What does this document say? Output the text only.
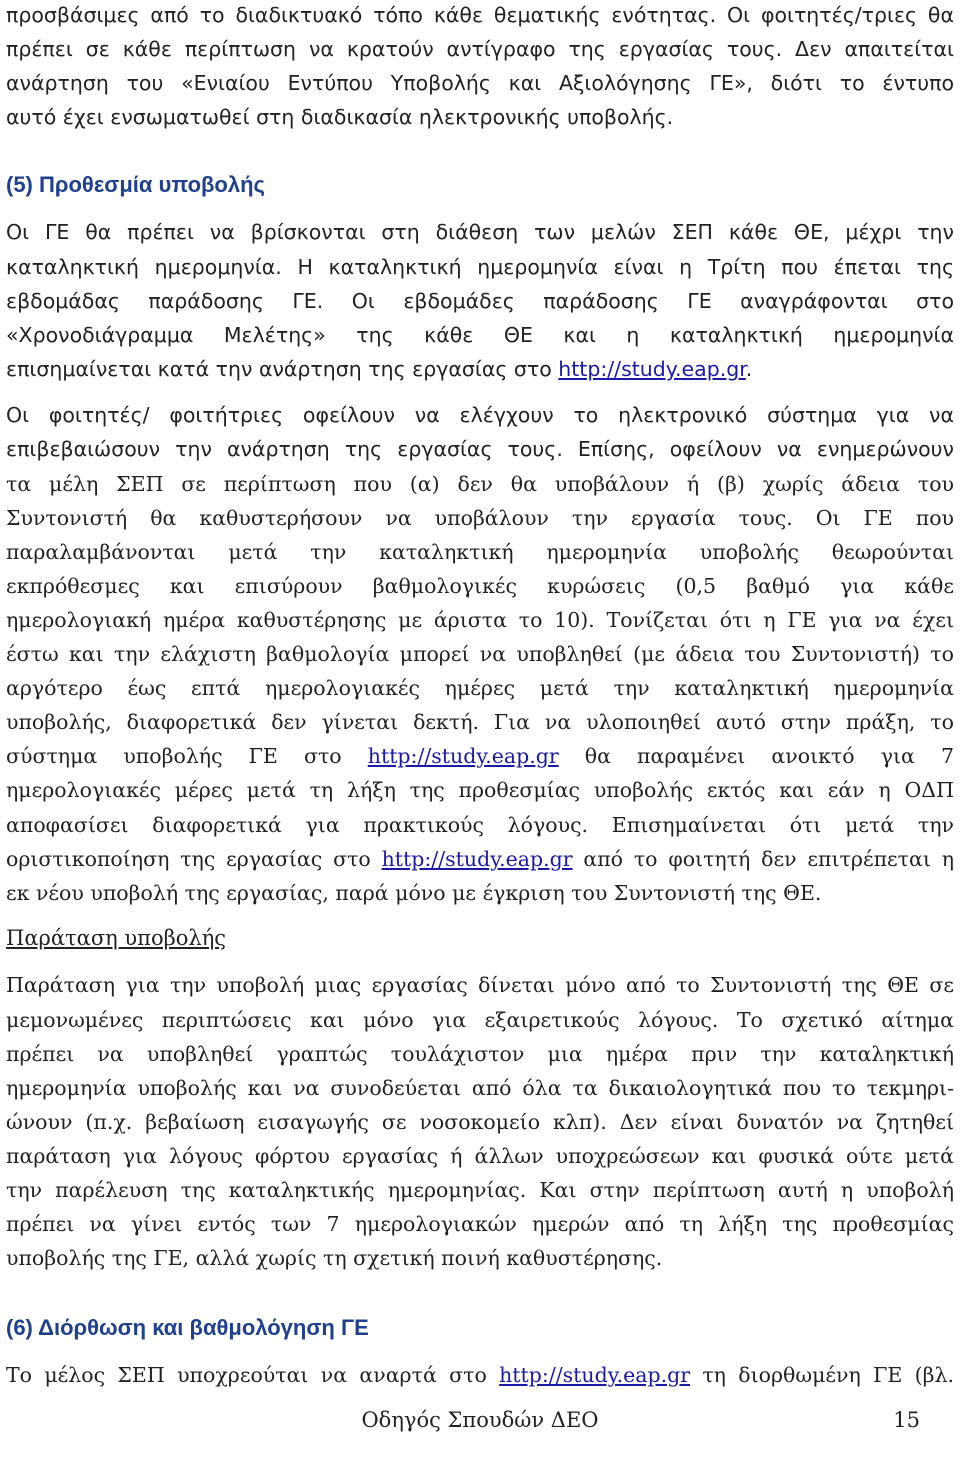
προσβάσιμες από το διαδικτυακό τόπο κάθε θεματικής ενότητας. Οι φοιτητές/τριες θα
πρέπει σε κάθε περίπτωση να κρατούν αντίγραφο της εργασίας τους. Δεν απαιτείται
ανάρτηση του «Ενιαίου Εντύπου Υποβολής και Αξιολόγησης ΓΕ», διότι το έντυπο
αυτό έχει ενσωματωθεί στη διαδικασία ηλεκτρονικής υποβολής.
(5) Προθεσμία υποβολής
Οι ΓΕ θα πρέπει να βρίσκονται στη διάθεση των μελών ΣΕΠ κάθε ΘΕ, μέχρι την
καταληκτική ημερομηνία. Η καταληκτική ημερομηνία είναι η Τρίτη που έπεται της
εβδομάδας παράδοσης ΓΕ. Οι εβδομάδες παράδοσης ΓΕ αναγράφονται στο
«Χρονοδιάγραμμα Μελέτης» της κάθε ΘΕ και η καταληκτική ημερομηνία
επισημαίνεται κατά την ανάρτηση της εργασίας στο http://study.eap.gr.
Οι φοιτητές/ φοιτήτριες οφείλουν να ελέγχουν το ηλεκτρονικό σύστημα για να
επιβεβαιώσουν την ανάρτηση της εργασίας τους. Επίσης, οφείλουν να ενημερώνουν
τα μέλη ΣΕΠ σε περίπτωση που (α) δεν θα υποβάλουν ή (β) χωρίς άδεια του
Συντονιστή θα καθυστερήσουν να υποβάλουν την εργασία τους. Οι ΓΕ που
παραλαμβάνονται μετά την καταληκτική ημερομηνία υποβολής θεωρούνται
εκπρόθεσμες και επισύρουν βαθμολογικές κυρώσεις (0,5 βαθμό για κάθε
ημερολογιακή ημέρα καθυστέρησης με άριστα το 10). Τονίζεται ότι η ΓΕ για να έχει
έστω και την ελάχιστη βαθμολογία μπορεί να υποβληθεί (με άδεια του Συντονιστή) το
αργότερο έως επτά ημερολογιακές ημέρες μετά την καταληκτική ημερομηνία
υποβολής, διαφορετικά δεν γίνεται δεκτή. Για να υλοποιηθεί αυτό στην πράξη, το
σύστημα υποβολής ΓΕ στο http://study.eap.gr θα παραμένει ανοικτό για 7
ημερολογιακές μέρες μετά τη λήξη της προθεσμίας υποβολής εκτός και εάν η ΟΔΠ
αποφασίσει διαφορετικά για πρακτικούς λόγους. Επισημαίνεται ότι μετά την
οριστικοποίηση της εργασίας στο http://study.eap.gr από το φοιτητή δεν επιτρέπεται η
εκ νέου υποβολή της εργασίας, παρά μόνο με έγκριση του Συντονιστή της ΘΕ.
Παράταση υποβολής
Παράταση για την υποβολή μιας εργασίας δίνεται μόνο από το Συντονιστή της ΘΕ σε
μεμονωμένες περιπτώσεις και μόνο για εξαιρετικούς λόγους. Το σχετικό αίτημα
πρέπει να υποβληθεί γραπτώς τουλάχιστον μια ημέρα πριν την καταληκτική
ημερομηνία υποβολής και να συνοδεύεται από όλα τα δικαιολογητικά που το τεκμηρι-
ώνουν (π.χ. βεβαίωση εισαγωγής σε νοσοκομείο κλπ). Δεν είναι δυνατόν να ζητηθεί
παράταση για λόγους φόρτου εργασίας ή άλλων υποχρεώσεων και φυσικά ούτε μετά
την παρέλευση της καταληκτικής ημερομηνίας. Και στην περίπτωση αυτή η υποβολή
πρέπει να γίνει εντός των 7 ημερολογιακών ημερών από τη λήξη της προθεσμίας
υποβολής της ΓΕ, αλλά χωρίς τη σχετική ποινή καθυστέρησης.
(6) Διόρθωση και βαθμολόγηση ΓΕ
Το μέλος ΣΕΠ υποχρεούται να αναρτά στο http://study.eap.gr τη διορθωμένη ΓΕ (βλ.
Οδηγός Σπουδών ΔΕΟ	15
